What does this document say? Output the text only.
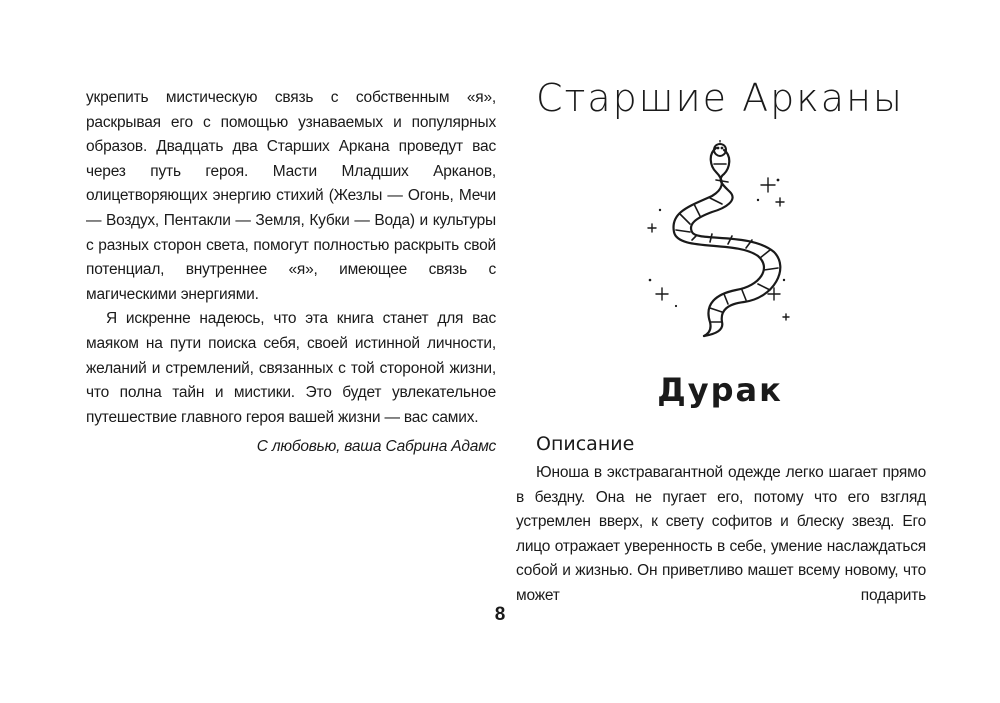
укрепить мистическую связь с собственным «я», раскрывая его с помощью узнаваемых и популярных образов. Двадцать два Старших Аркана проведут вас через путь героя. Масти Младших Арканов, олицетворяющих энергию стихий (Жезлы — Огонь, Мечи — Воздух, Пентакли — Земля, Кубки — Вода) и культуры с разных сторон света, помогут полностью раскрыть свой потенциал, внутреннее «я», имеющее связь с магическими энергиями.

Я искренне надеюсь, что эта книга станет для вас маяком на пути поиска себя, своей истинной личности, желаний и стремлений, связанных с той стороной жизни, что полна тайн и мистики. Это будет увлекательное путешествие главного героя вашей жизни — вас самих.

С любовью, ваша Сабрина Адамс
Старшие Арканы
Дурак
Описание

Юноша в экстравагантной одежде легко шагает прямо в бездну. Она не пугает его, потому что его взгляд устремлен вверх, к свету софитов и блеску звезд. Его лицо отражает уверенность в себе, умение наслаждаться собой и жизнью. Он приветливо машет всему новому, что может подарить

8
